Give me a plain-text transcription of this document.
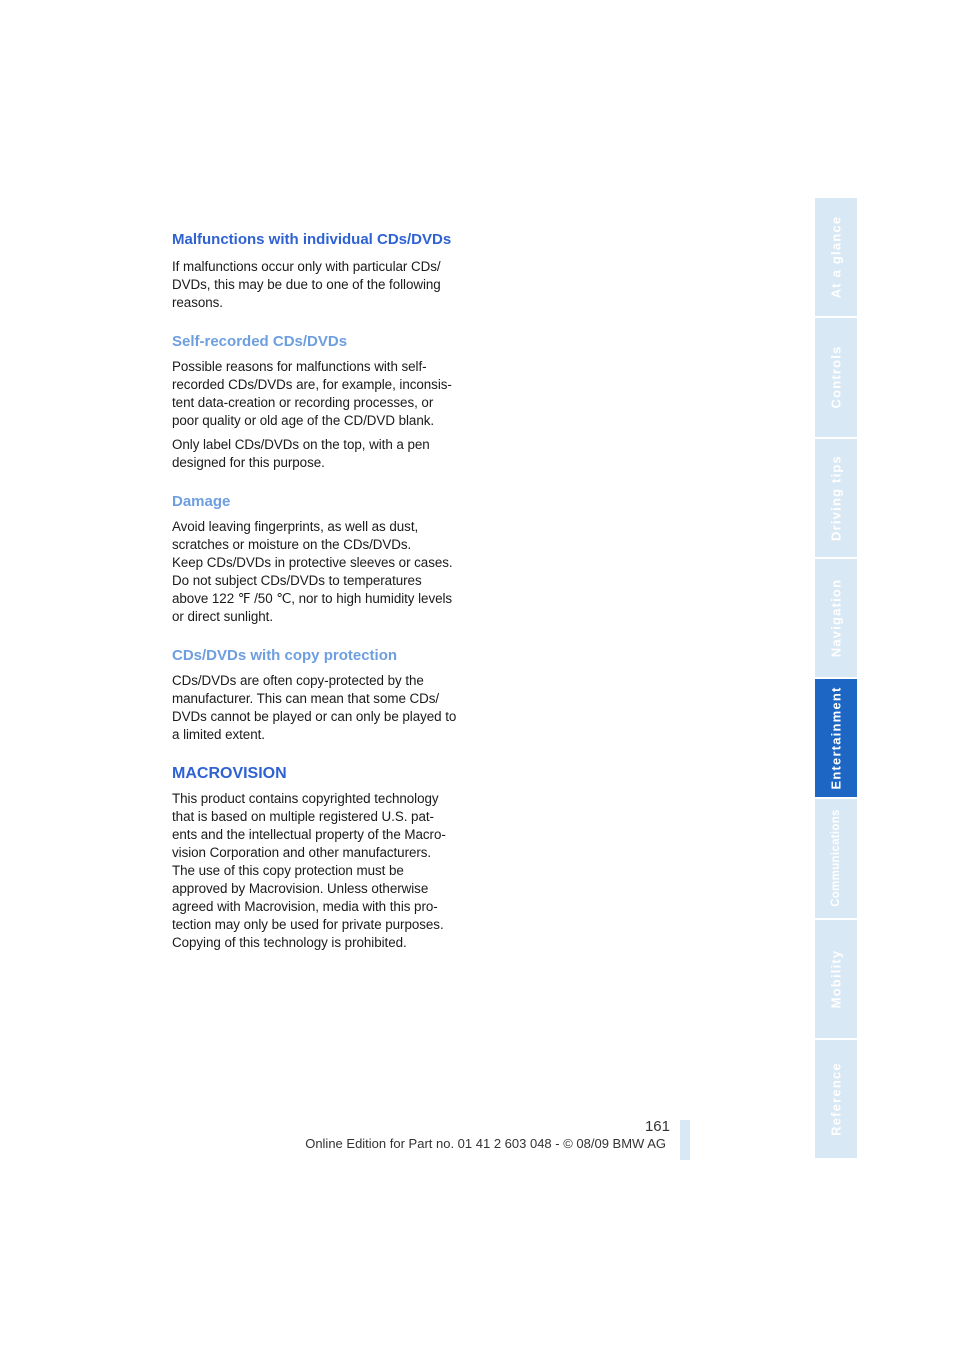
Malfunctions with individual CDs/DVDs

If malfunctions occur only with particular CDs/
DVDs, this may be due to one of the following
reasons.

Self-recorded CDs/DVDs

Possible reasons for malfunctions with self-
recorded CDs/DVDs are, for example, inconsis-
tent data-creation or recording processes, or
poor quality or old age of the CD/DVD blank.

Only label CDs/DVDs on the top, with a pen
designed for this purpose.

Damage

Avoid leaving fingerprints, as well as dust,
scratches or moisture on the CDs/DVDs.
Keep CDs/DVDs in protective sleeves or cases.
Do not subject CDs/DVDs to temperatures
above 122 ℉ /50 ℃, nor to high humidity levels
or direct sunlight.

CDs/DVDs with copy protection

CDs/DVDs are often copy-protected by the
manufacturer. This can mean that some CDs/
DVDs cannot be played or can only be played to
a limited extent.

MACROVISION

This product contains copyrighted technology
that is based on multiple registered U.S. pat-
ents and the intellectual property of the Macro-
vision Corporation and other manufacturers.
The use of this copy protection must be
approved by Macrovision. Unless otherwise
agreed with Macrovision, media with this pro-
tection may only be used for private purposes.
Copying of this technology is prohibited.

At a glance
Controls
Driving tips
Navigation
Entertainment
Communications
Mobility
Reference
161
Online Edition for Part no. 01 41 2 603 048 - © 08/09 BMW AG
